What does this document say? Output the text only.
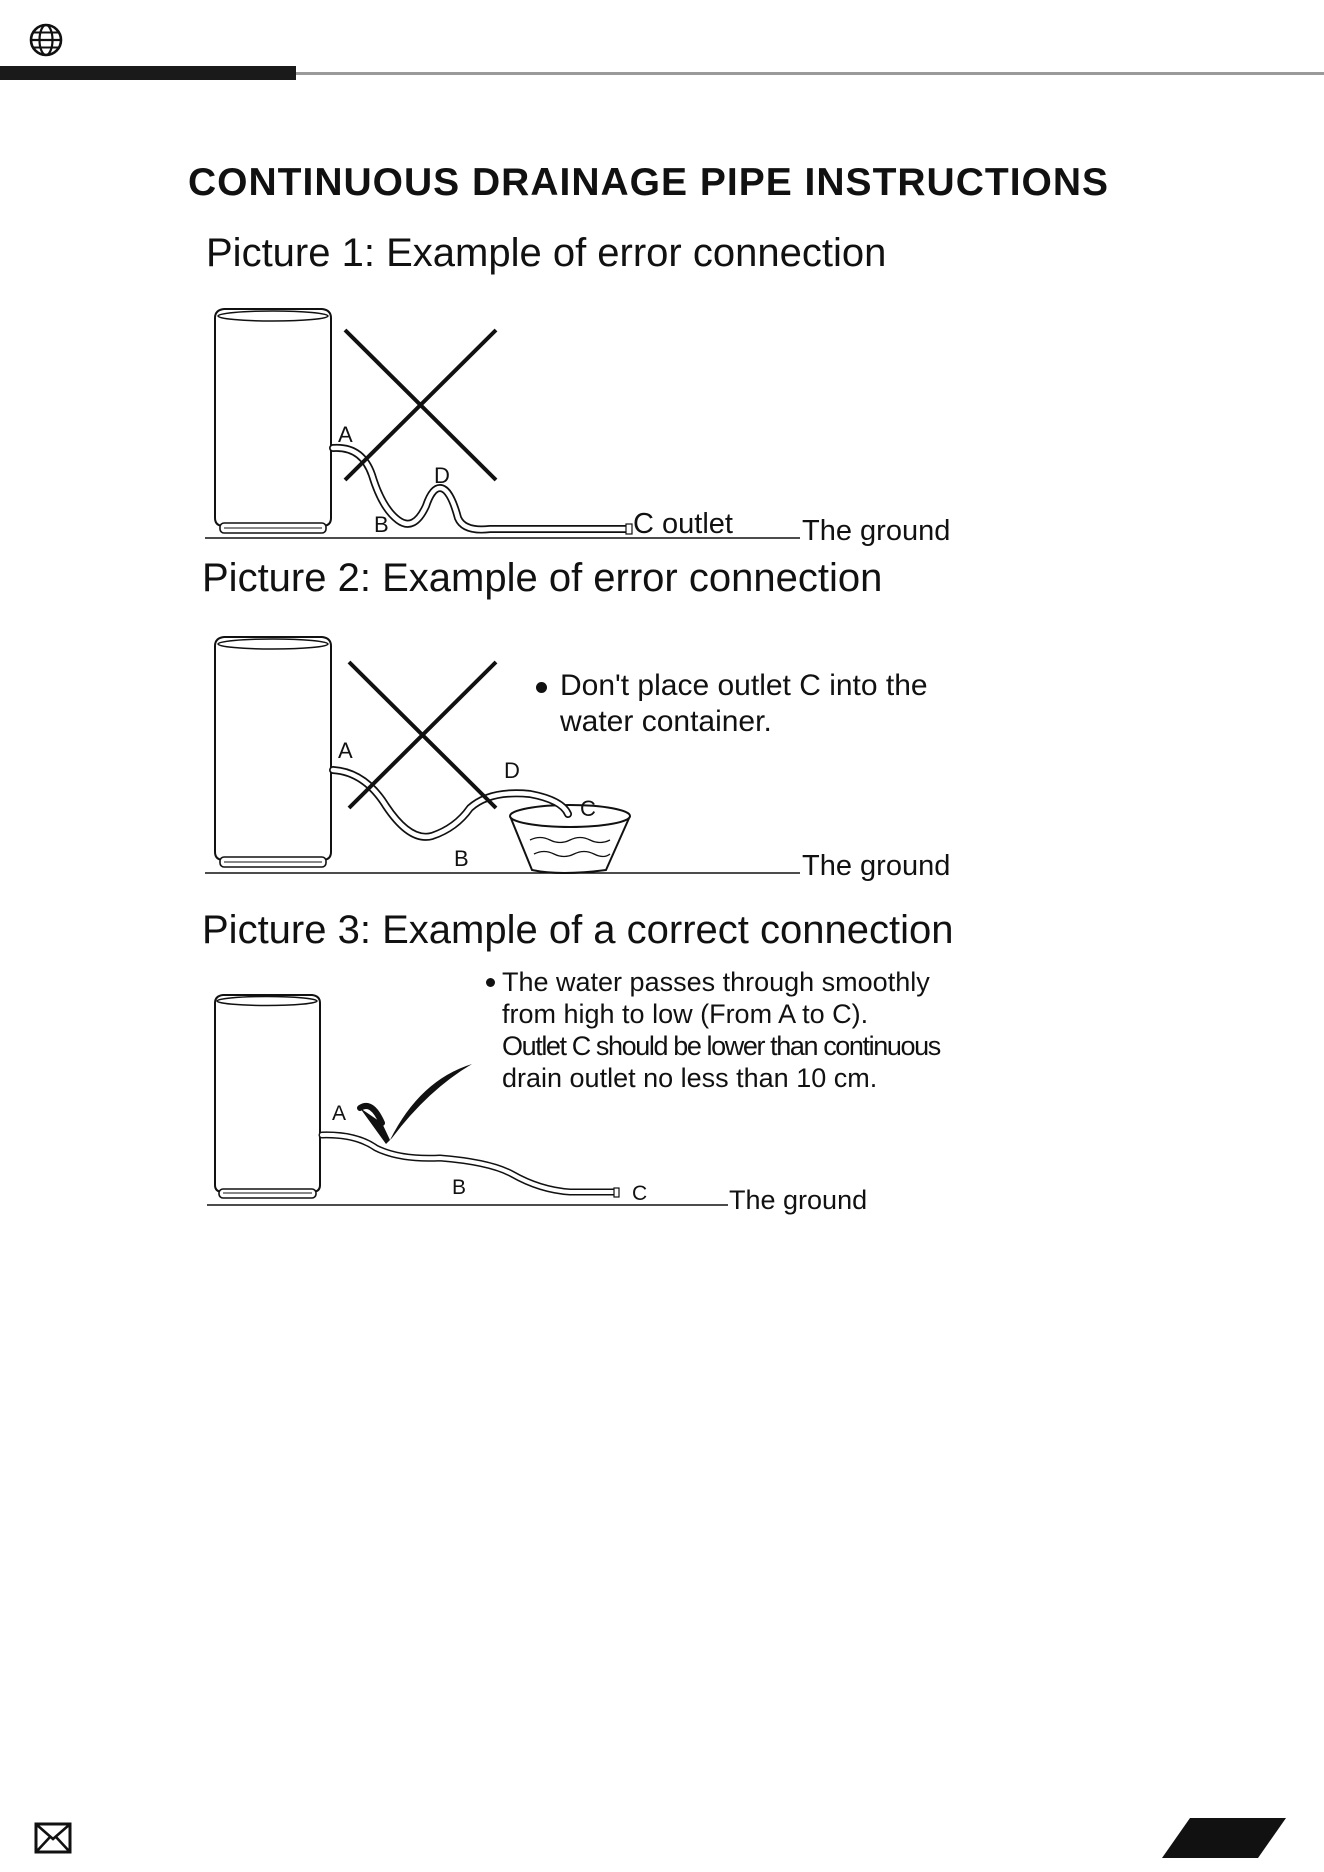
CONTINUOUS DRAINAGE PIPE INSTRUCTIONS
Picture 1: Example of error connection
A
B
D
C outlet The ground
Picture 2: Example of error connection
A
B
D
C
The ground
Don't place outlet C into the
water container.
Picture 3: Example of a correct connection
The water passes through smoothly
from high to low (From A to C).
Outlet C should be lower than continuous
drain outlet no less than 10 cm.
A
B	C	The ground
